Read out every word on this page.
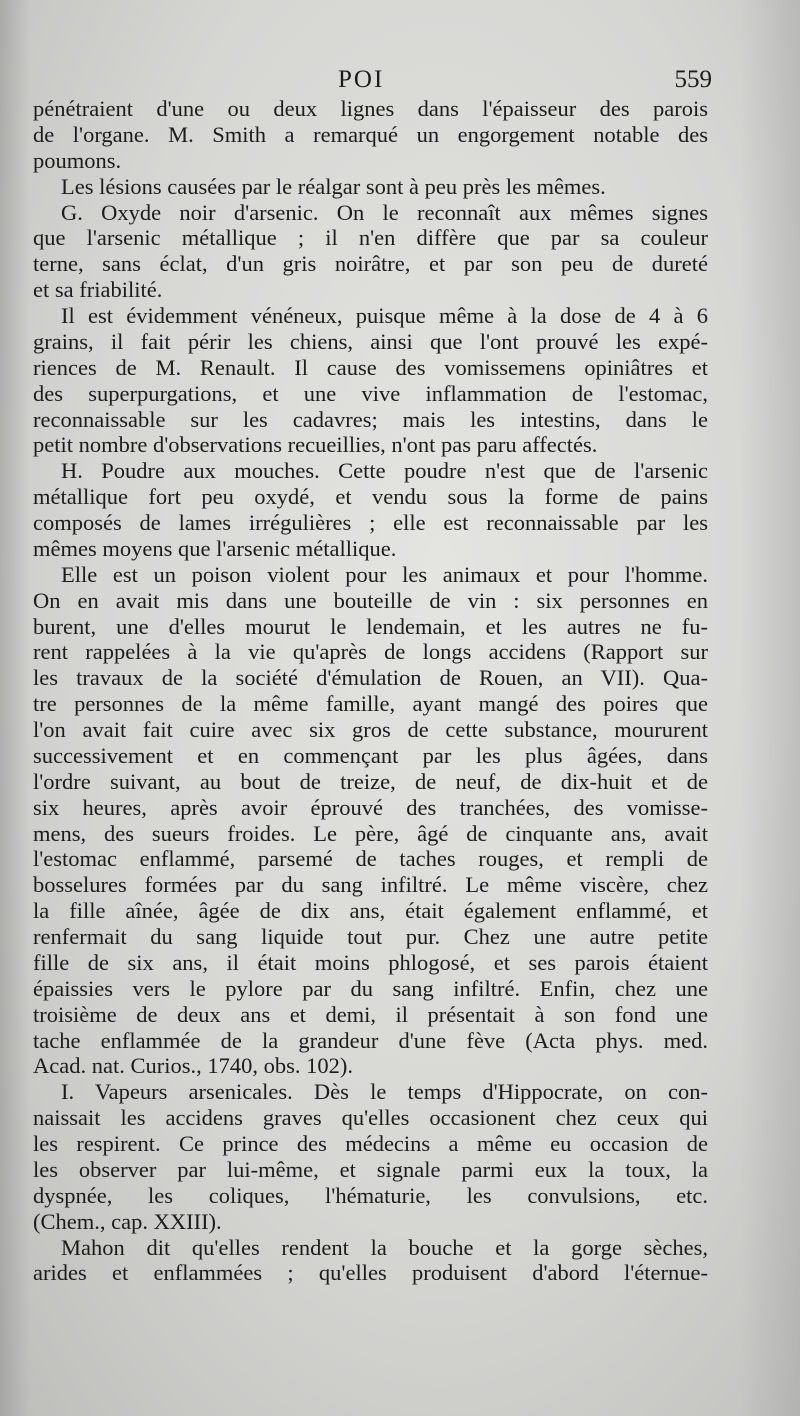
POI	559
pénétraient d'une ou deux lignes dans l'épaisseur des parois
de l'organe. M. Smith a remarqué un engorgement notable des
poumons.
Les lésions causées par le réalgar sont à peu près les mêmes.
G. Oxyde noir d'arsenic. On le reconnaît aux mêmes signes
que l'arsenic métallique ; il n'en diffère que par sa couleur
terne, sans éclat, d'un gris noirâtre, et par son peu de dureté
et sa friabilité.
Il est évidemment vénéneux, puisque même à la dose de 4 à 6
grains, il fait périr les chiens, ainsi que l'ont prouvé les expé-
riences de M. Renault. Il cause des vomissemens opiniâtres et
des superpurgations, et une vive inflammation de l'estomac,
reconnaissable sur les cadavres; mais les intestins, dans le
petit nombre d'observations recueillies, n'ont pas paru affectés.
H. Poudre aux mouches. Cette poudre n'est que de l'arsenic
métallique fort peu oxydé, et vendu sous la forme de pains
composés de lames irrégulières ; elle est reconnaissable par les
mêmes moyens que l'arsenic métallique.
Elle est un poison violent pour les animaux et pour l'homme.
On en avait mis dans une bouteille de vin : six personnes en
burent, une d'elles mourut le lendemain, et les autres ne fu-
rent rappelées à la vie qu'après de longs accidens (Rapport sur
les travaux de la société d'émulation de Rouen, an VII). Qua-
tre personnes de la même famille, ayant mangé des poires que
l'on avait fait cuire avec six gros de cette substance, moururent
successivement et en commençant par les plus âgées, dans
l'ordre suivant, au bout de treize, de neuf, de dix-huit et de
six heures, après avoir éprouvé des tranchées, des vomisse-
mens, des sueurs froides. Le père, âgé de cinquante ans, avait
l'estomac enflammé, parsemé de taches rouges, et rempli de
bosselures formées par du sang infiltré. Le même viscère, chez
la fille aînée, âgée de dix ans, était également enflammé, et
renfermait du sang liquide tout pur. Chez une autre petite
fille de six ans, il était moins phlogosé, et ses parois étaient
épaissies vers le pylore par du sang infiltré. Enfin, chez une
troisième de deux ans et demi, il présentait à son fond une
tache enflammée de la grandeur d'une fève (Acta phys. med.
Acad. nat. Curios., 1740, obs. 102).
I. Vapeurs arsenicales. Dès le temps d'Hippocrate, on con-
naissait les accidens graves qu'elles occasionent chez ceux qui
les respirent. Ce prince des médecins a même eu occasion de
les observer par lui-même, et signale parmi eux la toux, la
dyspnée, les coliques, l'hématurie, les convulsions, etc.
(Chem., cap. XXIII).
Mahon dit qu'elles rendent la bouche et la gorge sèches,
arides et enflammées ; qu'elles produisent d'abord l'éternue-
